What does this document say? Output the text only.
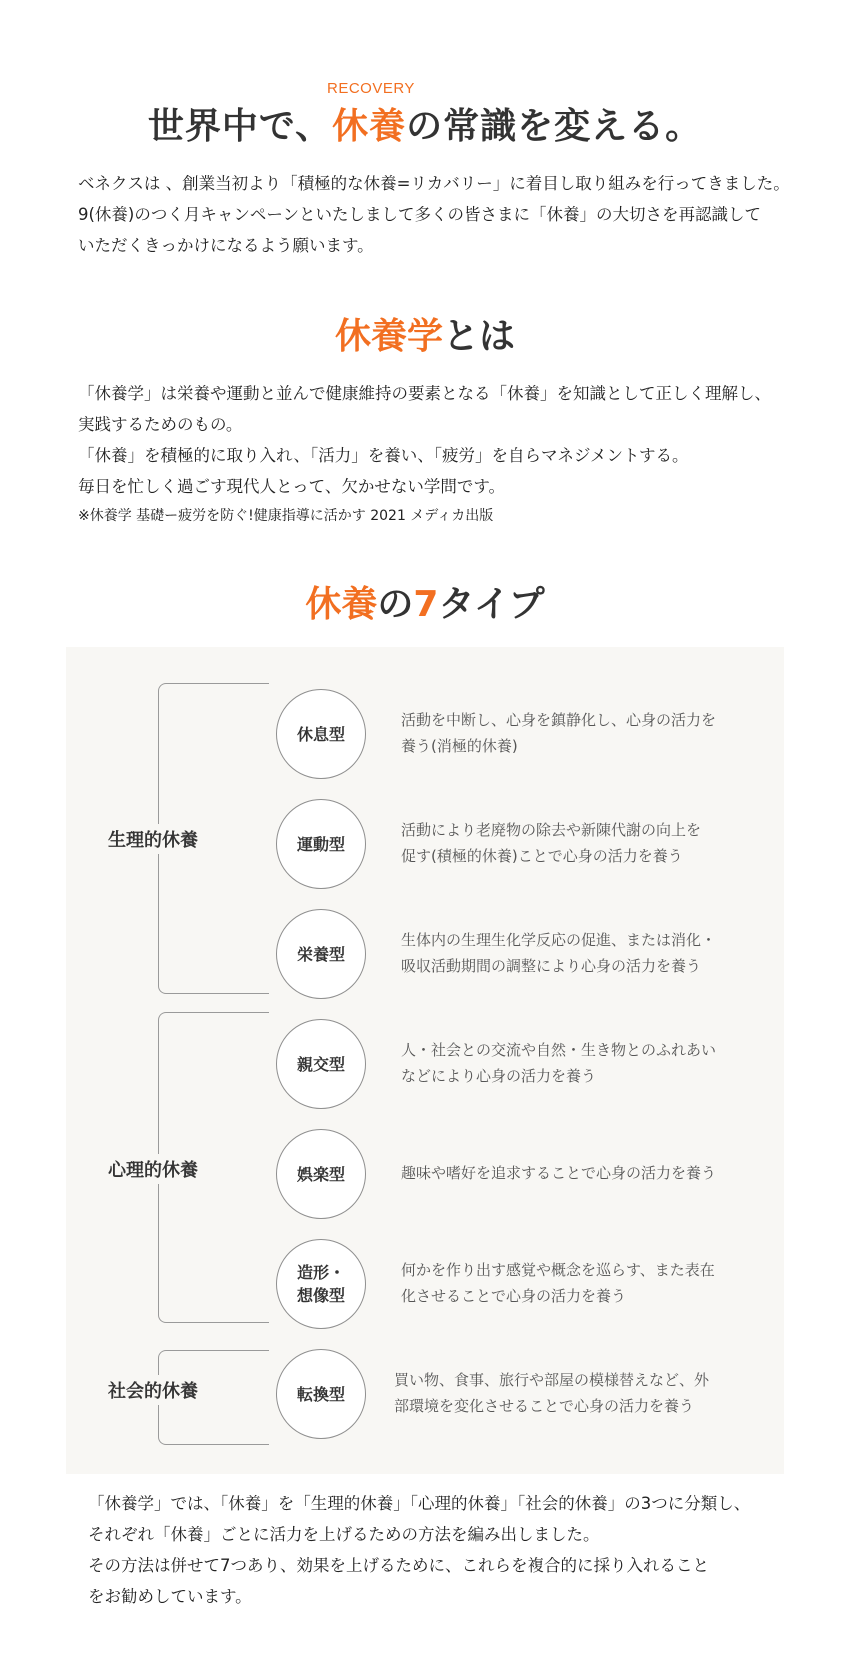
RECOVERY
世界中で、休養の常識を変える。
ベネクスは 、創業当初より「積極的な休養=リカバリー」に着目し取り組みを行ってきました。
9(休養)のつく月キャンペーンといたしまして多くの皆さまに「休養」の大切さを再認識して
いただくきっかけになるよう願います。
休養学とは
「休養学」は栄養や運動と並んで健康維持の要素となる「休養」を知識として正しく理解し、
実践するためのもの。
「休養」を積極的に取り入れ、「活力」を養い、「疲労」を自らマネジメントする。
毎日を忙しく過ごす現代人とって、欠かせない学問です。
※休養学 基礎ー疲労を防ぐ!健康指導に活かす 2021 メディカ出版
休養の7タイプ
生理的休養
心理的休養
社会的休養
休息型
運動型
栄養型
親交型
娯楽型
造形・
想像型
転換型
活動を中断し、心身を鎮静化し、心身の活力を
養う(消極的休養)
活動により老廃物の除去や新陳代謝の向上を
促す(積極的休養)ことで心身の活力を養う
生体内の生理生化学反応の促進、または消化・
吸収活動期間の調整により心身の活力を養う
人・社会との交流や自然・生き物とのふれあい
などにより心身の活力を養う
趣味や嗜好を追求することで心身の活力を養う
何かを作り出す感覚や概念を巡らす、また表在
化させることで心身の活力を養う
買い物、食事、旅行や部屋の模様替えなど、外
部環境を変化させることで心身の活力を養う
「休養学」では、「休養」を「生理的休養」「心理的休養」「社会的休養」の3つに分類し、
それぞれ「休養」ごとに活力を上げるための方法を編み出しました。
その方法は併せて7つあり、効果を上げるために、これらを複合的に採り入れること
をお勧めしています。
